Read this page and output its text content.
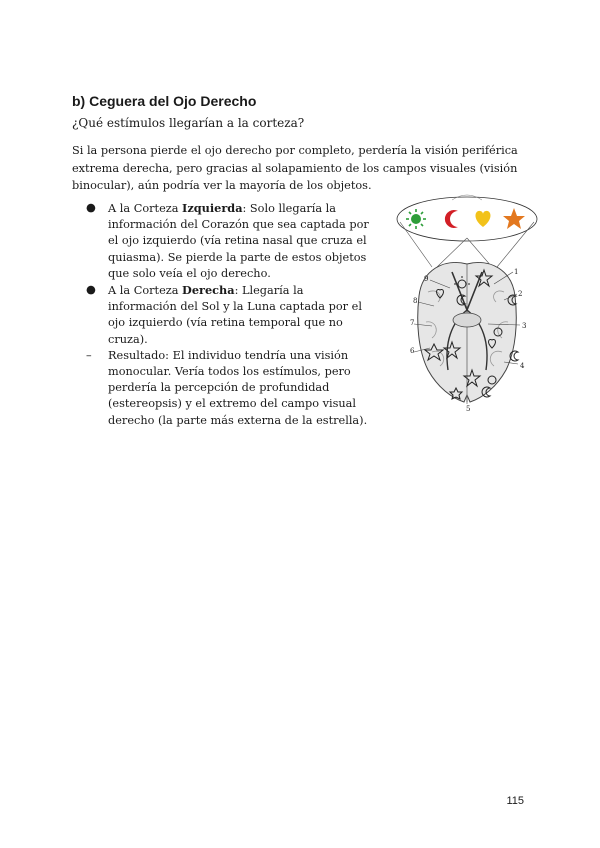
b) Ceguera del Ojo Derecho

¿Qué estímulos llegarían a la corteza?

Si la persona pierde el ojo derecho por completo, perdería la visión periférica extrema derecha, pero gracias al solapamiento de los campos visuales (visión binocular), aún podría ver la mayoría de los objetos.

●	A la Corteza Izquierda: Solo llegaría la información del Corazón que sea captada por el ojo izquierdo (vía retina nasal que cruza el quiasma). Se pierde la parte de estos objetos que solo veía el ojo derecho.
●	A la Corteza Derecha: Llegaría la información del Sol y la Luna captada por el ojo izquierdo (vía retina temporal que no cruza).
–	Resultado: El individuo tendría una visión monocular. Vería todos los estímulos, pero perdería la percepción de profundidad (estereopsis) y el extremo del campo visual derecho (la parte más externa de la estrella).
1
2
3
4
5
6
7
8
9
115
